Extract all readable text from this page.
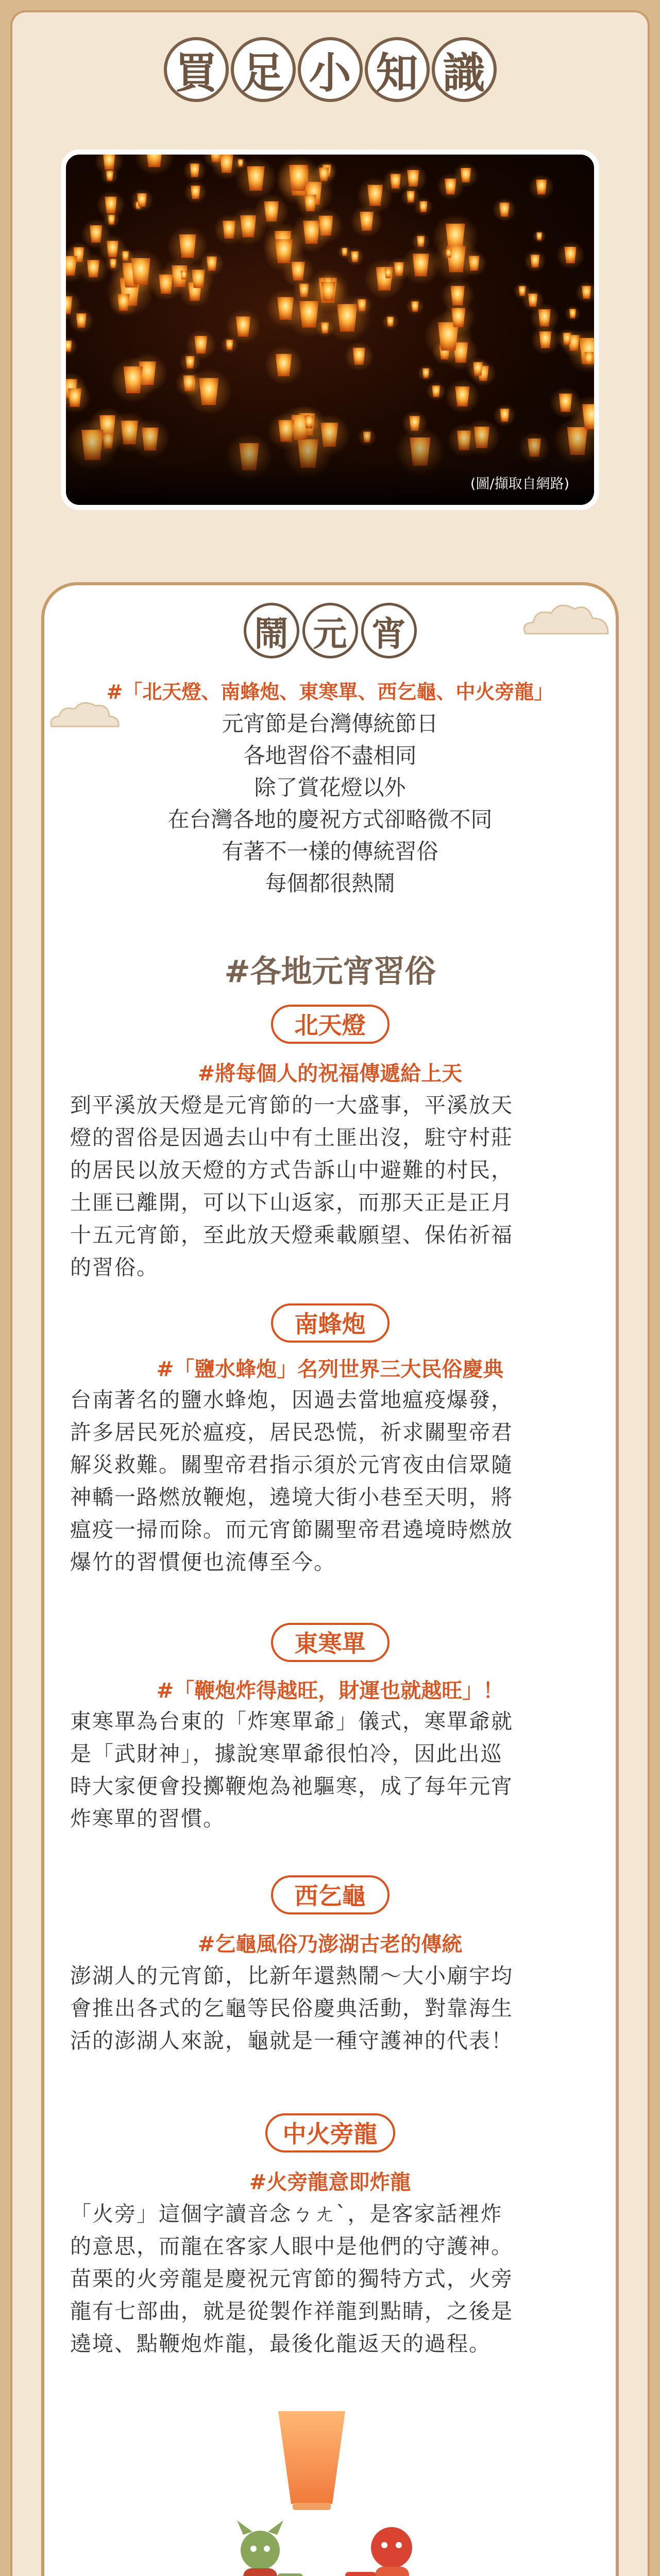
買 足 小 知 識
(圖/擷取自網路)
鬧 元 宵
#「北天燈、南蜂炮、東寒單、西乞龜、中火旁龍」
元宵節是台灣傳統節日
各地習俗不盡相同
除了賞花燈以外
在台灣各地的慶祝方式卻略微不同
有著不一樣的傳統習俗
每個都很熱鬧
#各地元宵習俗
北天燈
#將每個人的祝福傳遞給上天
到平溪放天燈是元宵節的一大盛事，平溪放天
燈的習俗是因過去山中有土匪出沒，駐守村莊
的居民以放天燈的方式告訴山中避難的村民，
土匪已離開，可以下山返家，而那天正是正月
十五元宵節，至此放天燈乘載願望、保佑祈福
的習俗。
南蜂炮
#「鹽水蜂炮」名列世界三大民俗慶典
台南著名的鹽水蜂炮，因過去當地瘟疫爆發，
許多居民死於瘟疫，居民恐慌，祈求關聖帝君
解災救難。關聖帝君指示須於元宵夜由信眾隨
神轎一路燃放鞭炮，遶境大街小巷至天明，將
瘟疫一掃而除。而元宵節關聖帝君遶境時燃放
爆竹的習慣便也流傳至今。
東寒單
#「鞭炮炸得越旺，財運也就越旺」！
東寒單為台東的「炸寒單爺」儀式，寒單爺就
是「武財神」，據說寒單爺很怕冷，因此出巡
時大家便會投擲鞭炮為祂驅寒，成了每年元宵
炸寒單的習慣。
西乞龜
#乞龜風俗乃澎湖古老的傳統
澎湖人的元宵節，比新年還熱鬧～大小廟宇均
會推出各式的乞龜等民俗慶典活動，對靠海生
活的澎湖人來說，龜就是一種守護神的代表！
中火旁龍
#火旁龍意即炸龍
「火旁」這個字讀音念ㄅㄤˋ，是客家話裡炸
的意思，而龍在客家人眼中是他們的守護神。
苗栗的火旁龍是慶祝元宵節的獨特方式，火旁
龍有七部曲，就是從製作祥龍到點睛，之後是
遶境、點鞭炮炸龍，最後化龍返天的過程。
